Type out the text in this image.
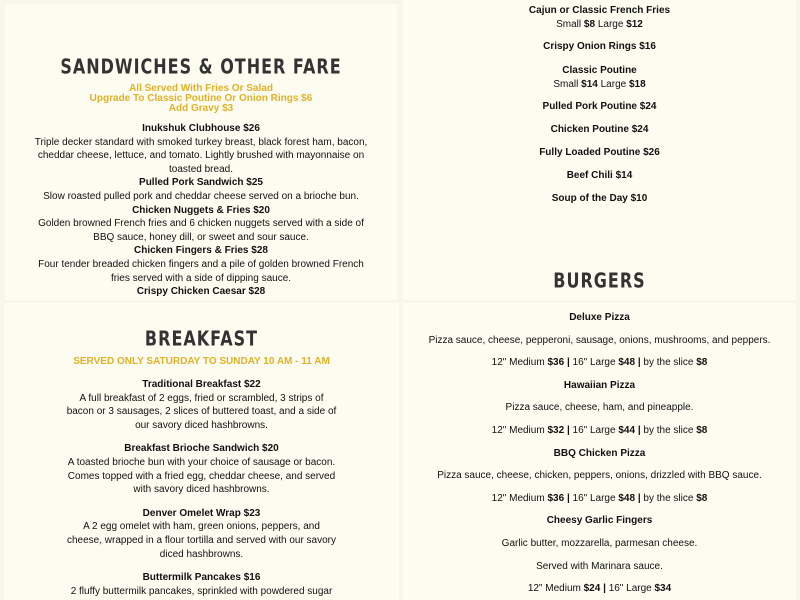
SANDWICHES & OTHER FARE
All Served With Fries Or Salad
Upgrade To Classic Poutine Or Onion Rings $6
Add Gravy $3
Inukshuk Clubhouse $26
Triple decker standard with smoked turkey breast, black forest ham, bacon,
cheddar cheese, lettuce, and tomato. Lightly brushed with mayonnaise on
toasted bread.
Pulled Pork Sandwich $25
Slow roasted pulled pork and cheddar cheese served on a brioche bun.
Chicken Nuggets & Fries $20
Golden browned French fries and 6 chicken nuggets served with a side of
BBQ sauce, honey dill, or sweet and sour sauce.
Chicken Fingers & Fries $28
Four tender breaded chicken fingers and a pile of golden browned French
fries served with a side of dipping sauce.
Crispy Chicken Caesar $28
Cajun or Classic French Fries
Small $8 Large $12
Crispy Onion Rings $16
Classic Poutine
Small $14 Large $18
Pulled Pork Poutine $24
Chicken Poutine $24
Fully Loaded Poutine $26
Beef Chili $14
Soup of the Day $10
BURGERS
BREAKFAST
SERVED ONLY SATURDAY TO SUNDAY 10 AM - 11 AM
Traditional Breakfast $22
A full breakfast of 2 eggs, fried or scrambled, 3 strips of
bacon or 3 sausages, 2 slices of buttered toast, and a side of
our savory diced hashbrowns.
Breakfast Brioche Sandwich $20
A toasted brioche bun with your choice of sausage or bacon.
Comes topped with a fried egg, cheddar cheese, and served
with savory diced hashbrowns.
Denver Omelet Wrap $23
A 2 egg omelet with ham, green onions, peppers, and
cheese, wrapped in a flour tortilla and served with our savory
diced hashbrowns.
Buttermilk Pancakes $16
2 fluffy buttermilk pancakes, sprinkled with powdered sugar
Deluxe Pizza
Pizza sauce, cheese, pepperoni, sausage, onions, mushrooms, and peppers.
12" Medium $36 | 16" Large $48 | by the slice $8
Hawaiian Pizza
Pizza sauce, cheese, ham, and pineapple.
12" Medium $32 | 16" Large $44 | by the slice $8
BBQ Chicken Pizza
Pizza sauce, cheese, chicken, peppers, onions, drizzled with BBQ sauce.
12" Medium $36 | 16" Large $48 | by the slice $8
Cheesy Garlic Fingers
Garlic butter, mozzarella, parmesan cheese.
Served with Marinara sauce.
12" Medium $24 | 16" Large $34
